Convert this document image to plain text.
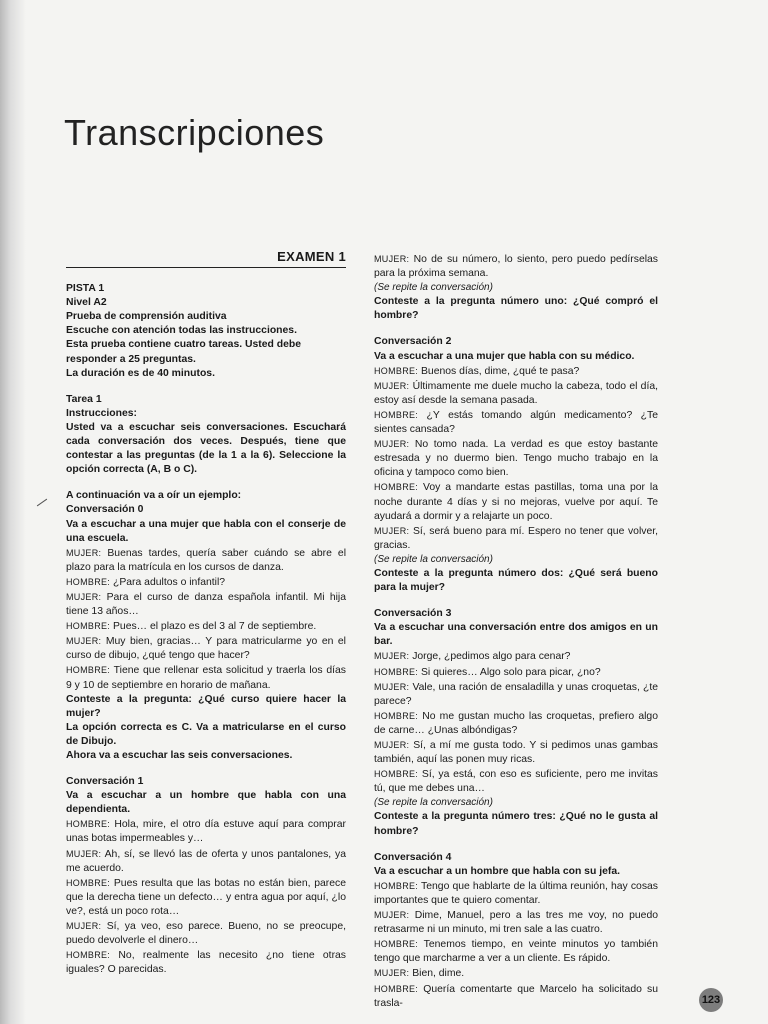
Transcripciones
EXAMEN 1
PISTA 1
Nivel A2
Prueba de comprensión auditiva
Escuche con atención todas las instrucciones.
Esta prueba contiene cuatro tareas. Usted debe responder a 25 preguntas.
La duración es de 40 minutos.
Tarea 1
Instrucciones:
Usted va a escuchar seis conversaciones. Escuchará cada conversación dos veces. Después, tiene que contestar a las preguntas (de la 1 a la 6). Seleccione la opción correcta (A, B o C).
A continuación va a oír un ejemplo:
Conversación 0
Va a escuchar a una mujer que habla con el conserje de una escuela.
MUJER: Buenas tardes, quería saber cuándo se abre el plazo para la matrícula en los cursos de danza.
HOMBRE: ¿Para adultos o infantil?
MUJER: Para el curso de danza española infantil. Mi hija tiene 13 años…
HOMBRE: Pues… el plazo es del 3 al 7 de septiembre.
MUJER: Muy bien, gracias… Y para matricularme yo en el curso de dibujo, ¿qué tengo que hacer?
HOMBRE: Tiene que rellenar esta solicitud y traerla los días 9 y 10 de septiembre en horario de mañana.
Conteste a la pregunta: ¿Qué curso quiere hacer la mujer?
La opción correcta es C. Va a matricularse en el curso de Dibujo.
Ahora va a escuchar las seis conversaciones.
Conversación 1
Va a escuchar a un hombre que habla con una dependienta.
HOMBRE: Hola, mire, el otro día estuve aquí para comprar unas botas impermeables y…
MUJER: Ah, sí, se llevó las de oferta y unos pantalones, ya me acuerdo.
HOMBRE: Pues resulta que las botas no están bien, parece que la derecha tiene un defecto… y entra agua por aquí, ¿lo ve?, está un poco rota…
MUJER: Sí, ya veo, eso parece. Bueno, no se preocupe, puedo devolverle el dinero…
HOMBRE: No, realmente las necesito ¿no tiene otras iguales? O parecidas.
MUJER: No de su número, lo siento, pero puedo pedírselas para la próxima semana.
(Se repite la conversación)
Conteste a la pregunta número uno: ¿Qué compró el hombre?
Conversación 2
Va a escuchar a una mujer que habla con su médico.
HOMBRE: Buenos días, dime, ¿qué te pasa?
MUJER: Últimamente me duele mucho la cabeza, todo el día, estoy así desde la semana pasada.
HOMBRE: ¿Y estás tomando algún medicamento? ¿Te sientes cansada?
MUJER: No tomo nada. La verdad es que estoy bastante estresada y no duermo bien. Tengo mucho trabajo en la oficina y tampoco como bien.
HOMBRE: Voy a mandarte estas pastillas, toma una por la noche durante 4 días y si no mejoras, vuelve por aquí. Te ayudará a dormir y a relajarte un poco.
MUJER: Sí, será bueno para mí. Espero no tener que volver, gracias.
(Se repite la conversación)
Conteste a la pregunta número dos: ¿Qué será bueno para la mujer?
Conversación 3
Va a escuchar una conversación entre dos amigos en un bar.
MUJER: Jorge, ¿pedimos algo para cenar?
HOMBRE: Si quieres… Algo solo para picar, ¿no?
MUJER: Vale, una ración de ensaladilla y unas croquetas, ¿te parece?
HOMBRE: No me gustan mucho las croquetas, prefiero algo de carne… ¿Unas albóndigas?
MUJER: Sí, a mí me gusta todo. Y si pedimos unas gambas también, aquí las ponen muy ricas.
HOMBRE: Sí, ya está, con eso es suficiente, pero me invitas tú, que me debes una…
(Se repite la conversación)
Conteste a la pregunta número tres: ¿Qué no le gusta al hombre?
Conversación 4
Va a escuchar a un hombre que habla con su jefa.
HOMBRE: Tengo que hablarte de la última reunión, hay cosas importantes que te quiero comentar.
MUJER: Dime, Manuel, pero a las tres me voy, no puedo retrasarme ni un minuto, mi tren sale a las cuatro.
HOMBRE: Tenemos tiempo, en veinte minutos yo también tengo que marcharme a ver a un cliente. Es rápido.
MUJER: Bien, dime.
HOMBRE: Quería comentarte que Marcelo ha solicitado su trasla-	123
